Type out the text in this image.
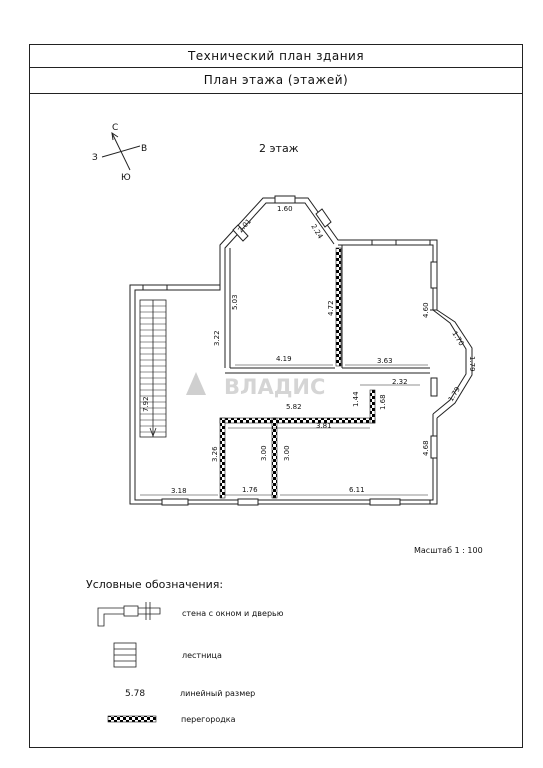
Технический план здания
План этажа (этажей)
С
Ю
В
З
2 этаж
1.60
2.01	2.24
5.03	4.72	4.60
1.70
1.79
1.79
4.19	3.63
3.22
2.32
1.44	1.68
7.92	5.82
3.81
3.26	3.00 3.00	4.68
3.18	1.76	6.11
ВЛАДИС
Масштаб 1 : 100
Условные обозначения:
стена с окном и дверью
лестница
5.78	линейный размер
перегородка
